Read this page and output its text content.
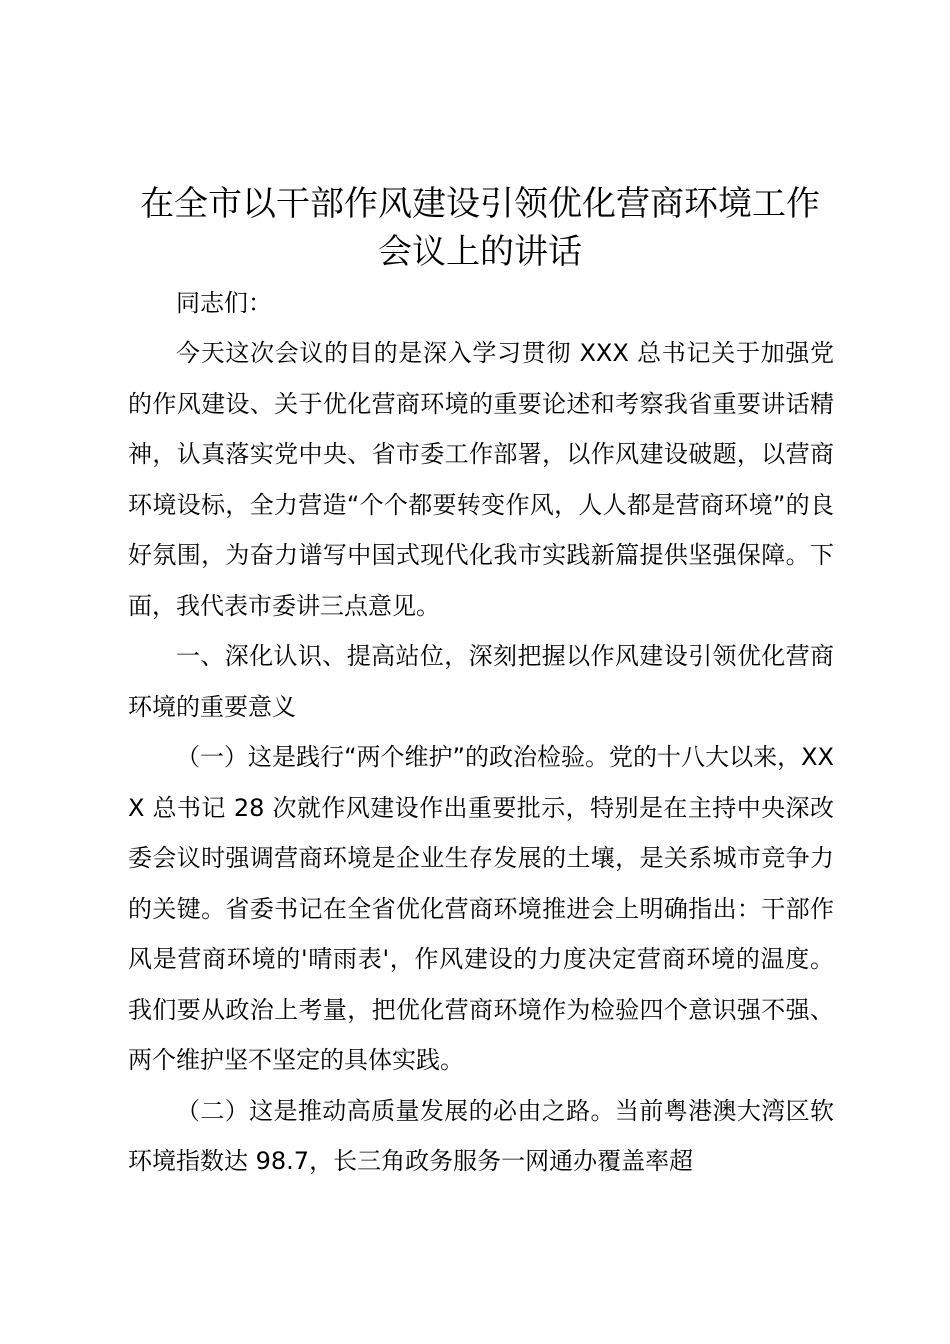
在全市以干部作风建设引领优化营商环境工作
会议上的讲话

同志们：

今天这次会议的目的是深入学习贯彻 XXX 总书记关于加强党的作风建设、关于优化营商环境的重要论述和考察我省重要讲话精神，认真落实党中央、省市委工作部署，以作风建设破题，以营商环境设标，全力营造“个个都要转变作风，人人都是营商环境”的良好氛围，为奋力谱写中国式现代化我市实践新篇提供坚强保障。下面，我代表市委讲三点意见。

一、深化认识、提高站位，深刻把握以作风建设引领优化营商环境的重要意义

（一）这是践行“两个维护”的政治检验。党的十八大以来，XXX 总书记 28 次就作风建设作出重要批示，特别是在主持中央深改委会议时强调营商环境是企业生存发展的土壤，是关系城市竞争力的关键。省委书记在全省优化营商环境推进会上明确指出：干部作风是营商环境的'晴雨表'，作风建设的力度决定营商环境的温度。我们要从政治上考量，把优化营商环境作为检验四个意识强不强、两个维护坚不坚定的具体实践。

（二）这是推动高质量发展的必由之路。当前粤港澳大湾区软环境指数达 98.7，长三角政务服务一网通办覆盖率超
